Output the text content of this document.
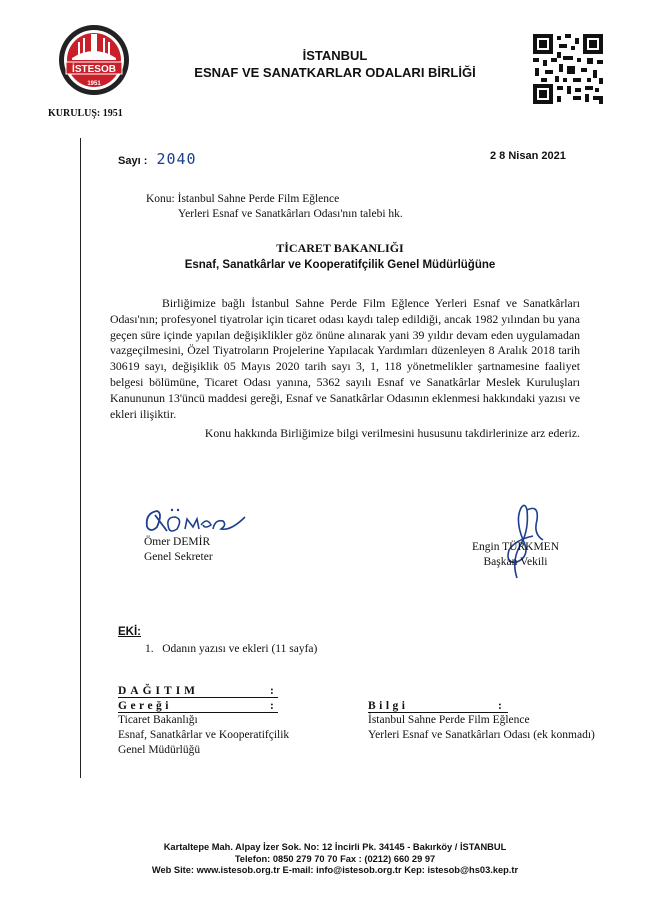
İSTESOB
1951
KURULUŞ: 1951
İSTANBUL
ESNAF VE SANATKARLAR ODALARI BİRLİĞİ
Sayı : 2040	2 8 Nisan 2021
Konu: İstanbul Sahne Perde Film Eğlence
Yerleri Esnaf ve Sanatkârları Odası'nın talebi hk.
TİCARET BAKANLIĞI
Esnaf, Sanatkârlar ve Kooperatifçilik Genel Müdürlüğüne

Birliğimize bağlı İstanbul Sahne Perde Film Eğlence Yerleri Esnaf ve Sanatkârları Odası'nın; profesyonel tiyatrolar için ticaret odası kaydı talep edildiği, ancak 1982 yılından bu yana geçen süre içinde yapılan değişiklikler göz önüne alınarak yani 39 yıldır devam eden uygulamadan vazgeçilmesini, Özel Tiyatroların Projelerine Yapılacak Yardımları düzenleyen 8 Aralık 2018 tarih 30619 sayı, değişiklik 05 Mayıs 2020 tarih sayı 3, 1, 118 yönetmelikler şartnamesine faaliyet belgesi bölümüne, Ticaret Odası yanına, 5362 sayılı Esnaf ve Sanatkârlar Meslek Kuruluşları Kanununun 13'üncü maddesi gereği, Esnaf ve Sanatkârlar Odasının eklenmesi hakkındaki yazısı ve ekleri ilişiktir.

Konu hakkında Birliğimize bilgi verilmesini hususunu takdirlerinize arz ederiz.
Ömer DEMİR
Genel Sekreter
Engin TÜRKMEN
Başkan Vekili
EKİ:
1.   Odanın yazısı ve ekleri (11 sayfa)
DAĞITIM	:
Gereği	:
Ticaret Bakanlığı
Esnaf, Sanatkârlar ve Kooperatifçilik
Genel Müdürlüğü
Bilgi	:
İstanbul Sahne Perde Film Eğlence
Yerleri Esnaf ve Sanatkârları Odası (ek konmadı)
Kartaltepe Mah. Alpay İzer Sok. No: 12 İncirli Pk. 34145 - Bakırköy / İSTANBUL
Telefon: 0850 279 70 70 Fax : (0212) 660 29 97
Web Site: www.istesob.org.tr E-mail: info@istesob.org.tr Kep: istesob@hs03.kep.tr
